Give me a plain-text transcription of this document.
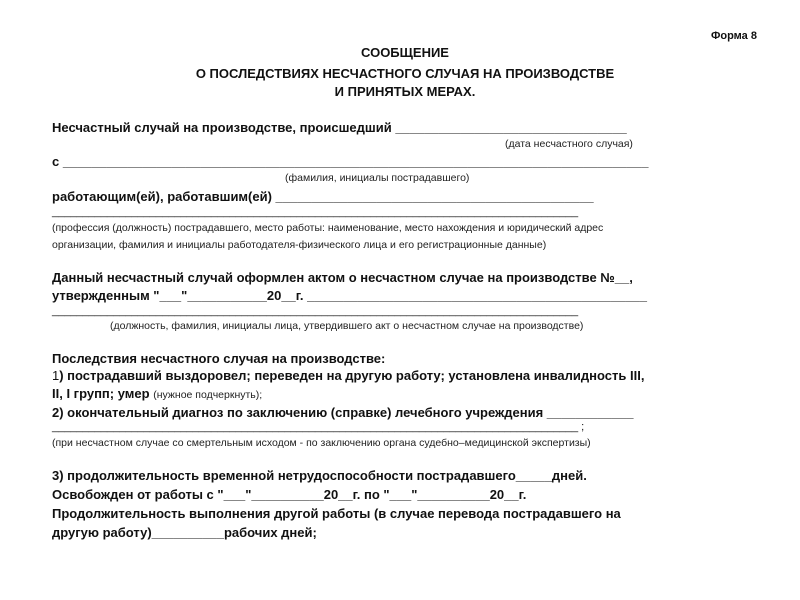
Форма 8
СООБЩЕНИЕ
О ПОСЛЕДСТВИЯХ НЕСЧАСТНОГО СЛУЧАЯ НА ПРОИЗВОДСТВЕ
И ПРИНЯТЫХ МЕРАХ.
Несчастный случай на производстве, происшедший ________________________________
(дата несчастного случая)
с _________________________________________________________________________________
(фамилия, инициалы пострадавшего)
работающим(ей), работавшим(ей) ____________________________________________
______________________________________________________________________________________
(профессия (должность) пострадавшего, место работы: наименование, место нахождения и юридический адрес
организации, фамилия и инициалы работодателя-физического лица и его регистрационные данные)
Данный несчастный случай оформлен актом о несчастном случае на производстве №__,
утвержденным "___"___________20__г. _______________________________________________
______________________________________________________________________________________
(должность, фамилия, инициалы лица, утвердившего акт о несчастном случае на производстве)
Последствия несчастного случая на производстве:
1) пострадавший выздоровел; переведен на другую работу; установлена инвалидность III,
II, I групп; умер (нужное подчеркнуть);
2) окончательный диагноз по заключению (справке) лечебного учреждения ____________
______________________________________________________________________________________ ;
(при несчастном случае со смертельным исходом - по заключению органа судебно–медицинской экспертизы)
3) продолжительность временной нетрудоспособности пострадавшего_____дней.
Освобожден от работы с "___"__________20__г. по "___"__________20__г.
Продолжительность выполнения другой работы (в случае перевода пострадавшего на
другую работу)__________рабочих дней;
